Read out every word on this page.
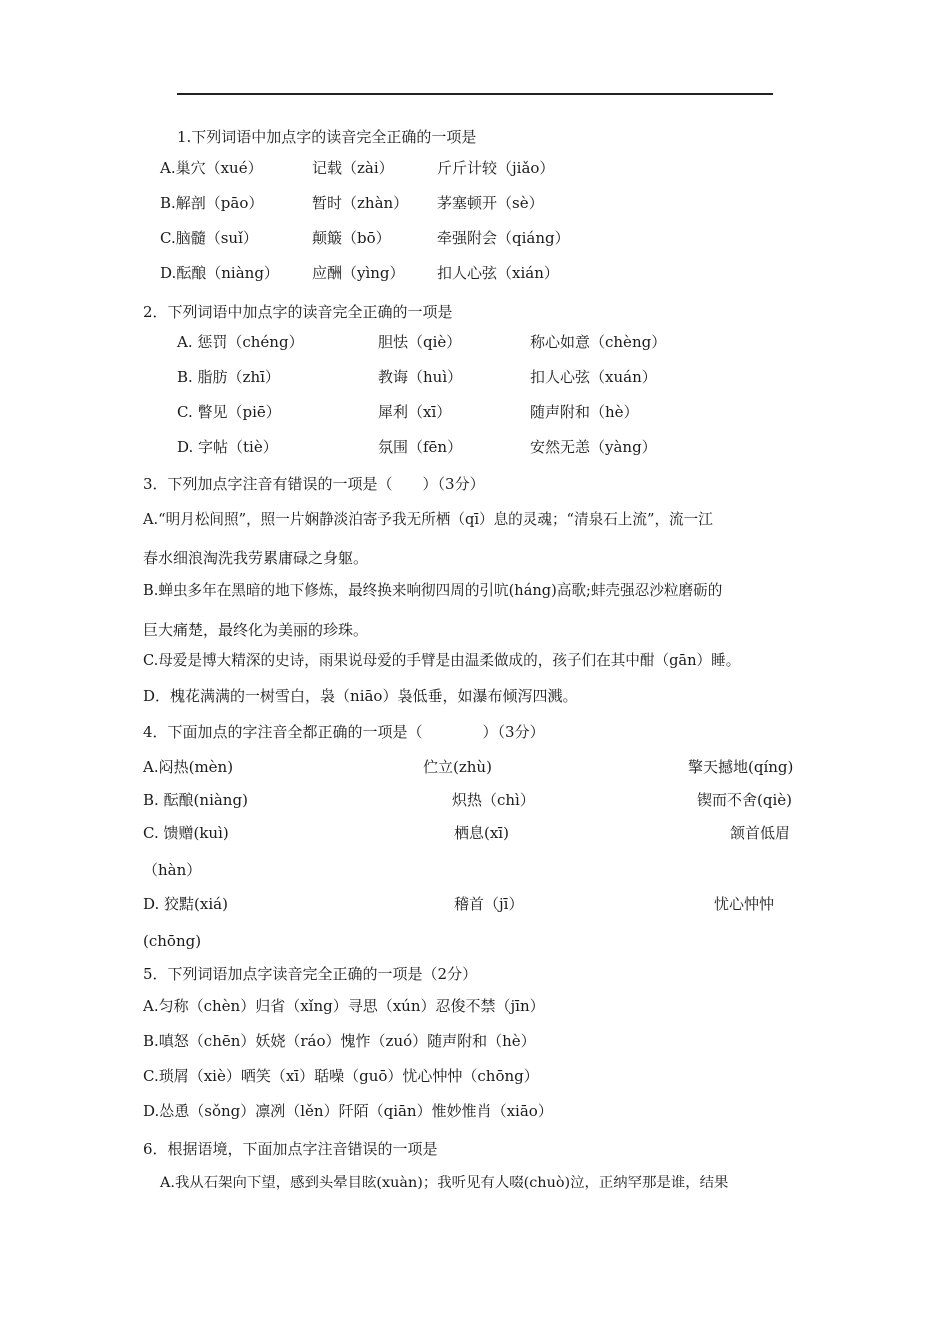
1.下列词语中加点字的读音完全正确的一项是
A.巢穴（xué）	记载（zài）	斤斤计较（jiǎo）
B.解剖（pāo）	暂时（zhàn） 茅塞顿开（sè）
C.脑髓（suǐ）	颠簸（bō）	牵强附会（qiáng）
D.酝酿（niàng） 应酬（yìng） 扣人心弦（xián）
2．下列词语中加点字的读音完全正确的一项是
A. 惩罚（chéng）	胆怯（qiè）	称心如意（chèng）
B. 脂肪（zhī）	教诲（huì）	扣人心弦（xuán）
C. 瞥见（piē）	犀利（xī）	随声附和（hè）
D. 字帖（tiè）	氛围（fēn）	安然无恙（yàng）
3．下列加点字注音有错误的一项是（　　）（3分）
A.“明月松间照”，照一片娴静淡泊寄予我无所栖（qī）息的灵魂；“清泉石上流”，流一江
春水细浪淘洗我劳累庸碌之身躯。
B.蝉虫多年在黑暗的地下修炼，最终换来响彻四周的引吭(háng)高歌;蚌壳强忍沙粒磨砺的
巨大痛楚，最终化为美丽的珍珠。
C.母爱是博大精深的史诗，雨果说母爱的手臂是由温柔做成的，孩子们在其中酣（gān）睡。
D．槐花满满的一树雪白，袅（niāo）袅低垂，如瀑布倾泻四溅。
4．下面加点的字注音全都正确的一项是（　　　　）（3分）
A.闷热(mèn)	伫立(zhù)	擎天撼地(qíng)
B. 酝酿(niàng)	炽热（chì）	锲而不舍(qiè)
C. 馈赠(kuì)	栖息(xī)	颔首低眉
（hàn）
D. 狡黠(xiá)	稽首（jī）	忧心忡忡
(chōng)
5．下列词语加点字读音完全正确的一项是（2分）
A.匀称（chèn）归省（xǐng）寻思（xún）忍俊不禁（jīn）
B.嗔怒（chēn）妖娆（ráo）愧怍（zuó）随声附和（hè）
C.琐屑（xiè）哂笑（xī）聒噪（guō）忧心忡忡（chōng）
D.怂恿（sǒng）凛冽（lěn）阡陌（qiān）惟妙惟肖（xiāo）
6．根据语境，下面加点字注音错误的一项是
A.我从石架向下望，感到头晕目眩(xuàn)；我听见有人啜(chuò)泣，正纳罕那是谁，结果
